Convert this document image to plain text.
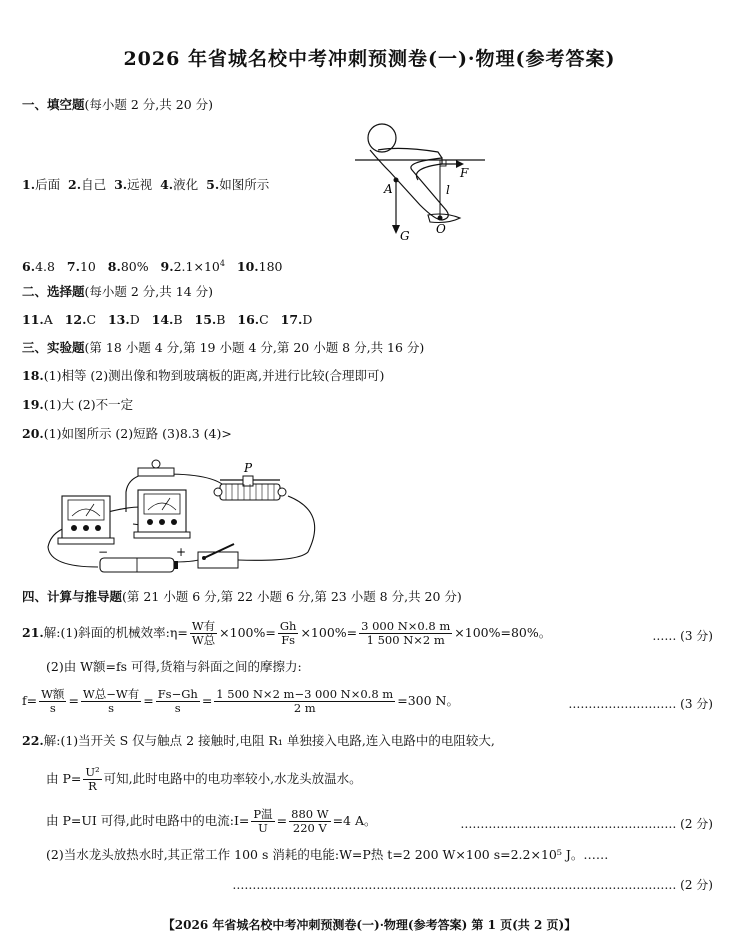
2026 年省城名校中考冲刺预测卷(一)·物理(参考答案)
一、填空题(每小题 2 分,共 20 分)
1.后面 2.自己 3.远视 4.液化 5.如图所示
F
A	l
G O
6.4.8 7.10 8.80% $9.2.1\times 10^4$ 10.180
二、选择题(每小题 2 分,共 14 分)
11.A 12.C 13.D 14.B 15.B 16.C 17.D
三、实验题(第 18 小题 4 分,第 19 小题 4 分,第 20 小题 8 分,共 16 分)
18.(1)相等 (2)测出像和物到玻璃板的距离,并进行比较(合理即可)
19.(1)大 (2)不一定
20.(1)如图所示 (2)短路 (3)8.3 (4)>
P
−	+
四、计算与推导题(第 21 小题 6 分,第 22 小题 6 分,第 23 小题 8 分,共 20 分)
21.解:(1)斜面的机械效率:η= $\frac{\text{W有}}{\text{W总}} \times 100\%= \frac{Gh}{Fs} \times 100\%= \frac{3 000 N\times 0.8 m}{1 500 N\times 2 m} \times 100\%=80\%$。	…… (3 分)
(2)由 W额=fs 可得,货箱与斜面之间的摩擦力:
$f= \frac{\text{W额}}{s} = \frac{\text{W总−W有}}{s} = \frac{Fs-Gh}{s} = \frac{1 500 N\times 2 m-3 000 N\times 0.8 m}{2 m} =300$ N。	……………………… (3 分)
22.解:(1)当开关 S 仅与触点 2 接触时,电阻 R₁ 单独接入电路,连入电路中的电阻较大,
由 $P= \frac{\text{U²}}{R}$ 可知,此时电路中的电功率较小,水龙头放温水。
由 P=UI 可得,此时电路中的电流:I= $\frac{\text{P温}}{U} = \frac{880 W}{220 V} =4$ A。	……………………………………………… (2 分)
(2)当水龙头放热水时,其正常工作 100 s 消耗的电能:W=P热 t=2 200 W×100 s=2.2×10⁵ J。……
………………………………………………………………………………………………… (2 分)
【2026 年省城名校中考冲刺预测卷(一)·物理(参考答案) 第 1 页(共 2 页)】
